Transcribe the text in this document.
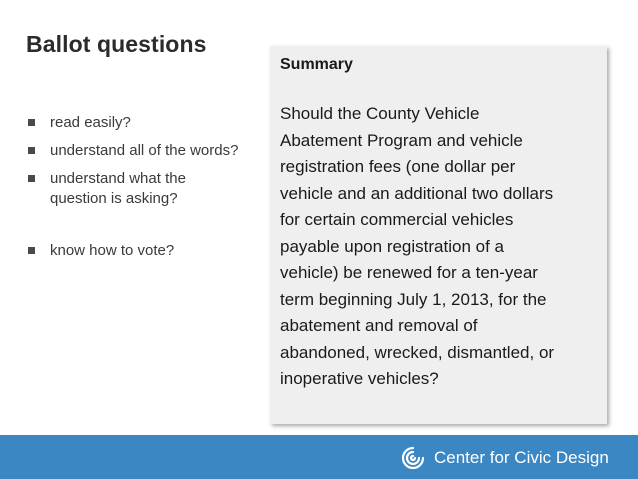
Ballot questions
read easily?
understand all of the words?
understand what the question is asking?
know how to vote?
Summary
Should the County Vehicle
Abatement Program and vehicle
registration fees (one dollar per
vehicle and an additional two dollars
for certain commercial vehicles
payable upon registration of a
vehicle) be renewed for a ten-year
term beginning July 1, 2013, for the
abatement and removal of
abandoned, wrecked, dismantled, or
inoperative vehicles?
Center for Civic Design
